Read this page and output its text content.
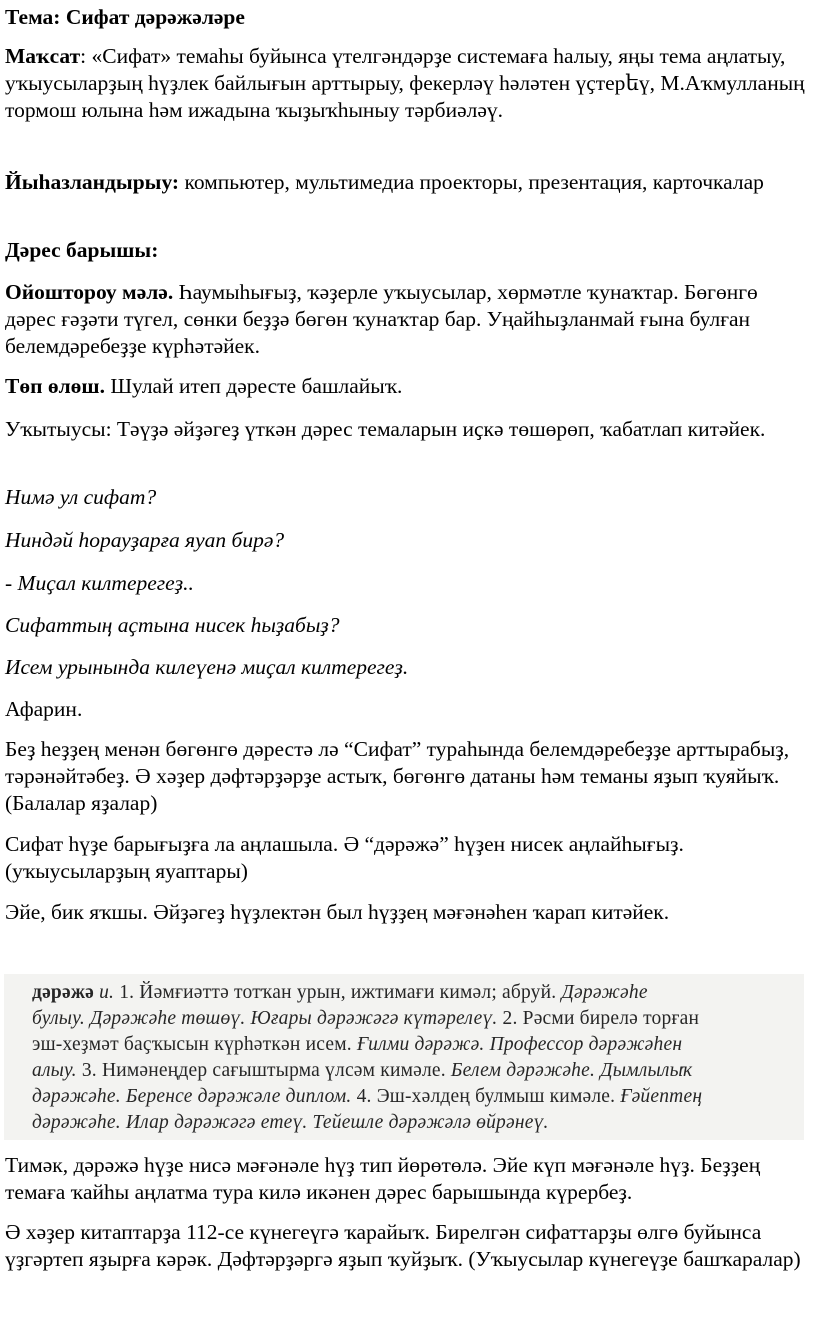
Тема: Сифат дәрәжәләре

Маҡсат: «Сифат» темаһы буйынса үтелгәндәрҙе системаға һалыу, яңы тема аңлатыу, уҡыусыларҙың һүҙлек байлығын арттырыу, фекерләү һәләтен үҫтерեү, М.Аҡмулланың тормош юлына һәм ижадына ҡыҙыҡһыныу тәрбиәләү.

Йыһазландырыу: компьютер, мультимедиа проекторы, презентация, карточкалар

Дәрес барышы:

Ойоштороу мәлә. Һаумыһығыҙ, ҡәҙерле уҡыусылар, хөрмәтле ҡунаҡтар. Бөгөнгө дәрес ғәҙәти түгел, сөнки беҙҙә бөгөн ҡунаҡтар бар. Уңайһыҙланмай ғына булған белемдәребеҙҙе күрһәтәйек.

Төп өлөш. Шулай итеп дәресте башлайыҡ.

Уҡытыусы: Тәүҙә әйҙәгеҙ үткән дәрес темаларын иҫкә төшөрөп, ҡабатлап китәйек.

Нимә ул сифат?

Ниндәй һорауҙарға яуап бирә?

- Миҫал килтерегеҙ..

Сифаттың аҫтына нисек һыҙабыҙ?

Исем урынында килеүенә миҫал килтерегеҙ.

Афарин.

Беҙ һеҙҙең менән бөгөнгө дәрестә лә “Сифат” тураһында белемдәребеҙҙе арттырабыҙ, тәрәнәйтәбеҙ. Ә хәҙер дәфтәрҙәрҙе астыҡ, бөгөнгө датаны һәм теманы яҙып ҡуяйыҡ. (Балалар яҙалар)

Сифат һүҙе барығыҙға ла аңлашыла. Ә “дәрәжә” һүҙен нисек аңлайһығыҙ. (уҡыусыларҙың яуаптары)

Эйе, бик яҡшы. Әйҙәгеҙ һүҙлектән был һүҙҙең мәғәнәһен ҡарап китәйек.

дәрәжә и. 1. Йәмғиәттә тотҡан урын, ижтимағи кимәл; абруй. Дәрәжәһе
булыу. Дәрәжәһе төшөү. Юғары дәрәжәгә күтәрелеү. 2. Рәсми бирелә торған
эш-хеҙмәт баҫҡысын күрһәткән исем. Ғилми дәрәжә. Профессор дәрәжәһен
алыу. 3. Нимәнеңдер сағыштырма үлсәм кимәле. Белем дәрәжәһе. Дымлылыҡ
дәрәжәһе. Беренсе дәрәжәле диплом. 4. Эш-хәлдең булмыш кимәле. Ғәйептең
дәрәжәһе. Илар дәрәжәгә етеү. Тейешле дәрәжәлә өйрәнеү.

Тимәк, дәрәжә һүҙе нисә мәғәнәле һүҙ тип йөрөтөлә. Эйе күп мәғәнәле һүҙ. Беҙҙең темаға ҡайһы аңлатма тура килә икәнен дәрес барышында күрербеҙ.

Ә хәҙер китаптарҙа 112-се күнегеүгә ҡарайыҡ. Бирелгән сифаттарҙы өлгө буйынса үҙгәртеп яҙырға кәрәк. Дәфтәрҙәргә яҙып ҡуйҙыҡ. (Уҡыусылар күнегеүҙе башҡаралар)
